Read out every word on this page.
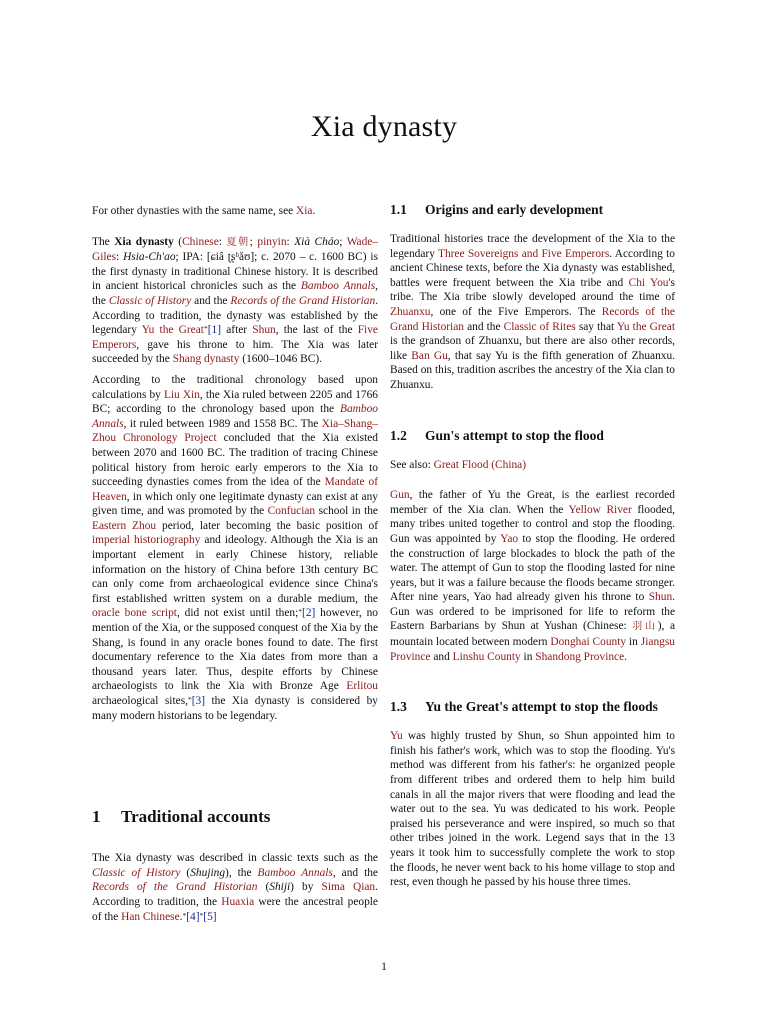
Xia dynasty

For other dynasties with the same name, see Xia.

The Xia dynasty (Chinese: 夏朝; pinyin: Xià Cháo; Wade–Giles: Hsia-Ch'ao; IPA: [ɕiâ ʈʂʰǎʊ]; c. 2070 – c. 1600 BC) is the first dynasty in traditional Chinese history. It is described in ancient historical chronicles such as the Bamboo Annals, the Classic of History and the Records of the Grand Historian. According to tradition, the dynasty was established by the legendary Yu the Great*[1] after Shun, the last of the Five Emperors, gave his throne to him. The Xia was later succeeded by the Shang dynasty (1600–1046 BC).

According to the traditional chronology based upon calculations by Liu Xin, the Xia ruled between 2205 and 1766 BC; according to the chronology based upon the Bamboo Annals, it ruled between 1989 and 1558 BC. The Xia–Shang–Zhou Chronology Project concluded that the Xia existed between 2070 and 1600 BC. The tradition of tracing Chinese political history from heroic early emperors to the Xia to succeeding dynasties comes from the idea of the Mandate of Heaven, in which only one legitimate dynasty can exist at any given time, and was promoted by the Confucian school in the Eastern Zhou period, later becoming the basic position of imperial historiography and ideology. Although the Xia is an important element in early Chinese history, reliable information on the history of China before 13th century BC can only come from archaeological evidence since China's first established written system on a durable medium, the oracle bone script, did not exist until then;*[2] however, no mention of the Xia, or the supposed conquest of the Xia by the Shang, is found in any oracle bones found to date. The first documentary reference to the Xia dates from more than a thousand years later. Thus, despite efforts by Chinese archaeologists to link the Xia with Bronze Age Erlitou archaeological sites,*[3] the Xia dynasty is considered by many modern historians to be legendary.

1	Traditional accounts

The Xia dynasty was described in classic texts such as the Classic of History (Shujing), the Bamboo Annals, and the Records of the Grand Historian (Shiji) by Sima Qian. According to tradition, the Huaxia were the ancestral people of the Han Chinese.*[4]*[5]

1.1	Origins and early development

Traditional histories trace the development of the Xia to the legendary Three Sovereigns and Five Emperors. According to ancient Chinese texts, before the Xia dynasty was established, battles were frequent between the Xia tribe and Chi You's tribe. The Xia tribe slowly developed around the time of Zhuanxu, one of the Five Emperors. The Records of the Grand Historian and the Classic of Rites say that Yu the Great is the grandson of Zhuanxu, but there are also other records, like Ban Gu, that say Yu is the fifth generation of Zhuanxu. Based on this, tradition ascribes the ancestry of the Xia clan to Zhuanxu.

1.2	Gun's attempt to stop the flood

See also: Great Flood (China)

Gun, the father of Yu the Great, is the earliest recorded member of the Xia clan. When the Yellow River flooded, many tribes united together to control and stop the flooding. Gun was appointed by Yao to stop the flooding. He ordered the construction of large blockades to block the path of the water. The attempt of Gun to stop the flooding lasted for nine years, but it was a failure because the floods became stronger. After nine years, Yao had already given his throne to Shun. Gun was ordered to be imprisoned for life to reform the Eastern Barbarians by Shun at Yushan (Chinese: 羽山), a mountain located between modern Donghai County in Jiangsu Province and Linshu County in Shandong Province.

1.3	Yu the Great's attempt to stop the floods

Yu was highly trusted by Shun, so Shun appointed him to finish his father's work, which was to stop the flooding. Yu's method was different from his father's: he organized people from different tribes and ordered them to help him build canals in all the major rivers that were flooding and lead the water out to the sea. Yu was dedicated to his work. People praised his perseverance and were inspired, so much so that other tribes joined in the work. Legend says that in the 13 years it took him to successfully complete the work to stop the floods, he never went back to his home village to stop and rest, even though he passed by his house three times.

1
